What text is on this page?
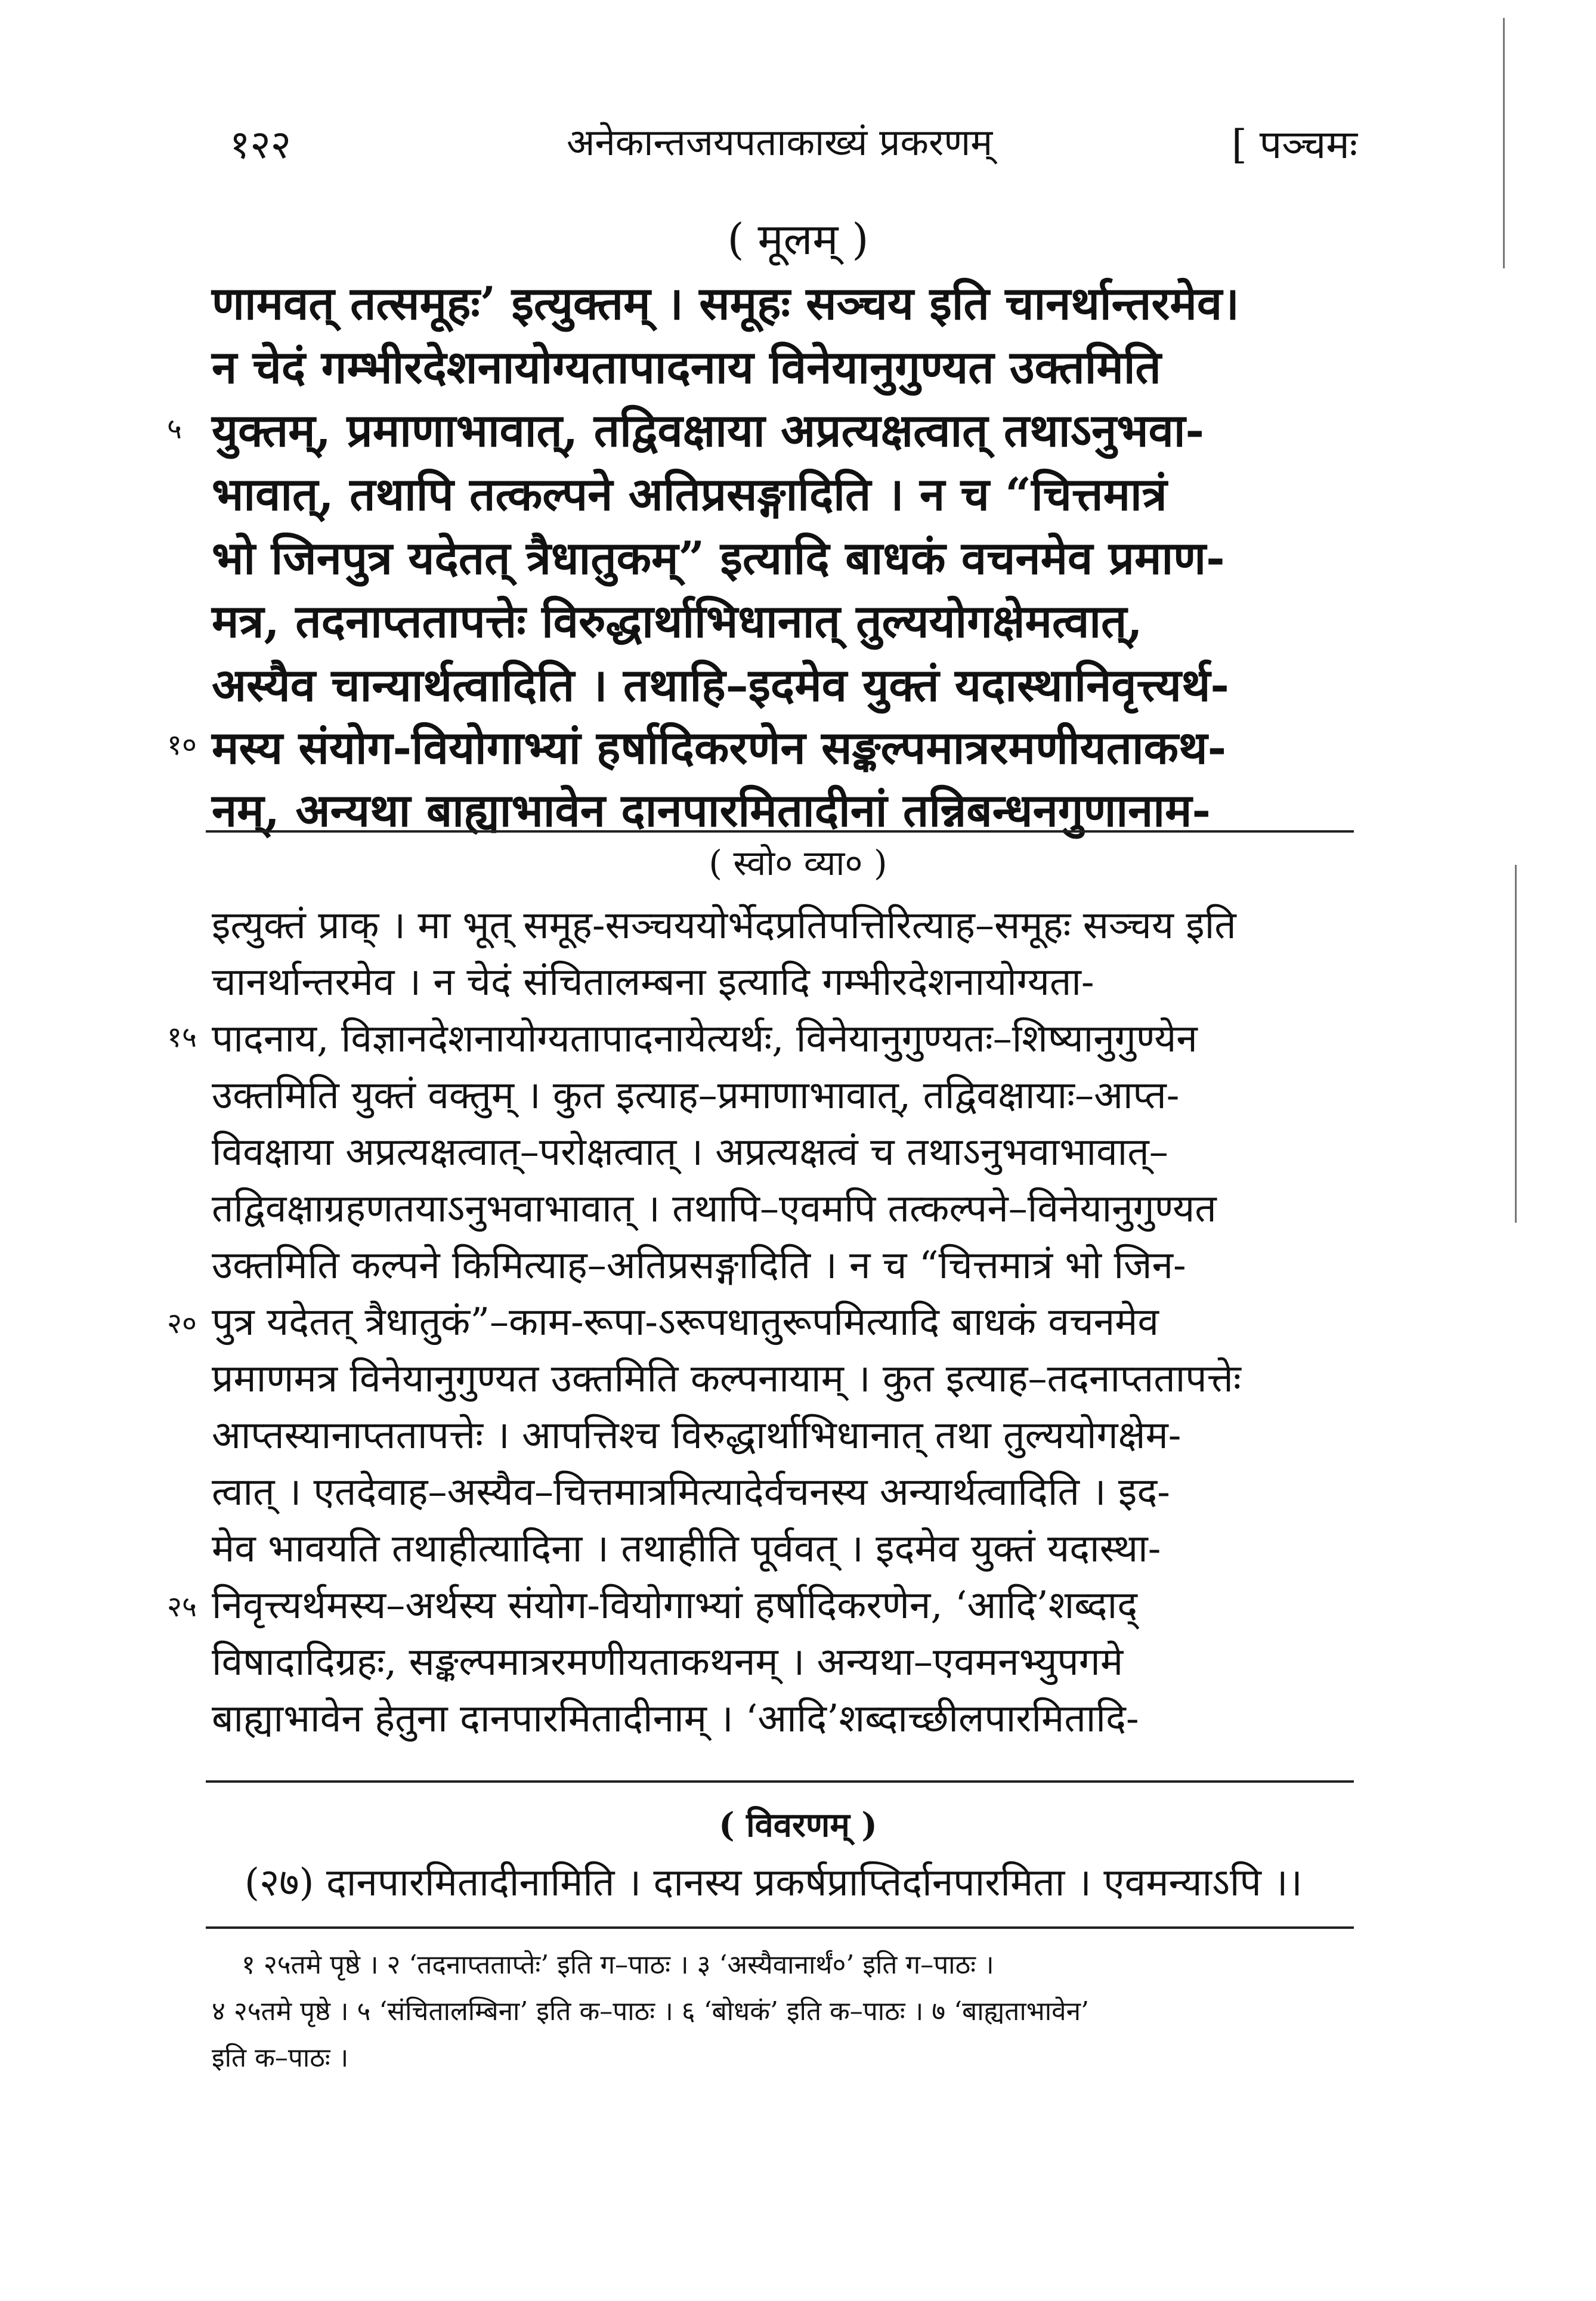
१२२	अनेकान्तजयपताकाख्यं प्रकरणम्	[ पञ्चमः
( मूलम् )
णामवत् तत्समूहः’ इत्युक्तम् । समूहः सञ्चय इति चानर्थान्तरमेव।
न चेदं गम्भीरदेशनायोग्यतापादनाय विनेयानुगुण्यत उक्तमिति
५ युक्तम्, प्रमाणाभावात्, तद्विवक्षाया अप्रत्यक्षत्वात् तथाऽनुभवा-
भावात्, तथापि तत्कल्पने अतिप्रसङ्गादिति । न च “चित्तमात्रं
भो जिनपुत्र यदेतत् त्रैधातुकम्” इत्यादि बाधकं वचनमेव प्रमाण-
मत्र, तदनाप्ततापत्तेः विरुद्धार्थाभिधानात् तुल्ययोगक्षेमत्वात्,
अस्यैव चान्यार्थत्वादिति । तथाहि–इदमेव युक्तं यदास्थानिवृत्त्यर्थ-
१० मस्य संयोग-वियोगाभ्यां हर्षादिकरणेन सङ्कल्पमात्ररमणीयताकथ-
नम्, अन्यथा बाह्याभावेन दानपारमितादीनां तन्निबन्धनगुणानाम-
( स्वो० व्या० )
इत्युक्तं प्राक् । मा भूत् समूह-सञ्चययोर्भेदप्रतिपत्तिरित्याह–समूहः सञ्चय इति
चानर्थान्तरमेव । न चेदं संचितालम्बना इत्यादि गम्भीरदेशनायोग्यता-
१५ पादनाय, विज्ञानदेशनायोग्यतापादनायेत्यर्थः, विनेयानुगुण्यतः–शिष्यानुगुण्येन
उक्तमिति युक्तं वक्तुम् । कुत इत्याह–प्रमाणाभावात्, तद्विवक्षायाः–आप्त-
विवक्षाया अप्रत्यक्षत्वात्–परोक्षत्वात् । अप्रत्यक्षत्वं च तथाऽनुभवाभावात्–
तद्विवक्षाग्रहणतयाऽनुभवाभावात् । तथापि–एवमपि तत्कल्पने–विनेयानुगुण्यत
उक्तमिति कल्पने किमित्याह–अतिप्रसङ्गादिति । न च “चित्तमात्रं भो जिन-
२० पुत्र यदेतत् त्रैधातुकं”–काम-रूपा-ऽरूपधातुरूपमित्यादि बाधकं वचनमेव
प्रमाणमत्र विनेयानुगुण्यत उक्तमिति कल्पनायाम् । कुत इत्याह–तदनाप्ततापत्तेः
आप्तस्यानाप्ततापत्तेः । आपत्तिश्च विरुद्धार्थाभिधानात् तथा तुल्ययोगक्षेम-
त्वात् । एतदेवाह–अस्यैव–चित्तमात्रमित्यादेर्वचनस्य अन्यार्थत्वादिति । इद-
मेव भावयति तथाहीत्यादिना । तथाहीति पूर्ववत् । इदमेव युक्तं यदास्था-
२५ निवृत्त्यर्थमस्य–अर्थस्य संयोग-वियोगाभ्यां हर्षादिकरणेन, ‘आदि’शब्दाद्
विषादादिग्रहः, सङ्कल्पमात्ररमणीयताकथनम् । अन्यथा–एवमनभ्युपगमे
बाह्याभावेन हेतुना दानपारमितादीनाम् । ‘आदि’शब्दाच्छीलपारमितादि-
( विवरणम् )
(२७) दानपारमितादीनामिति । दानस्य प्रकर्षप्राप्तिर्दानपारमिता । एवमन्याऽपि ।।
१ २५तमे पृष्ठे । २ ‘तदनाप्तताप्तेः’ इति ग–पाठः । ३ ‘अस्यैवानार्थं०’ इति ग–पाठः ।
४ २५तमे पृष्ठे । ५ ‘संचितालम्बिना’ इति क–पाठः । ६ ‘बोधकं’ इति क–पाठः । ७ ‘बाह्यताभावेन’
इति क–पाठः ।
